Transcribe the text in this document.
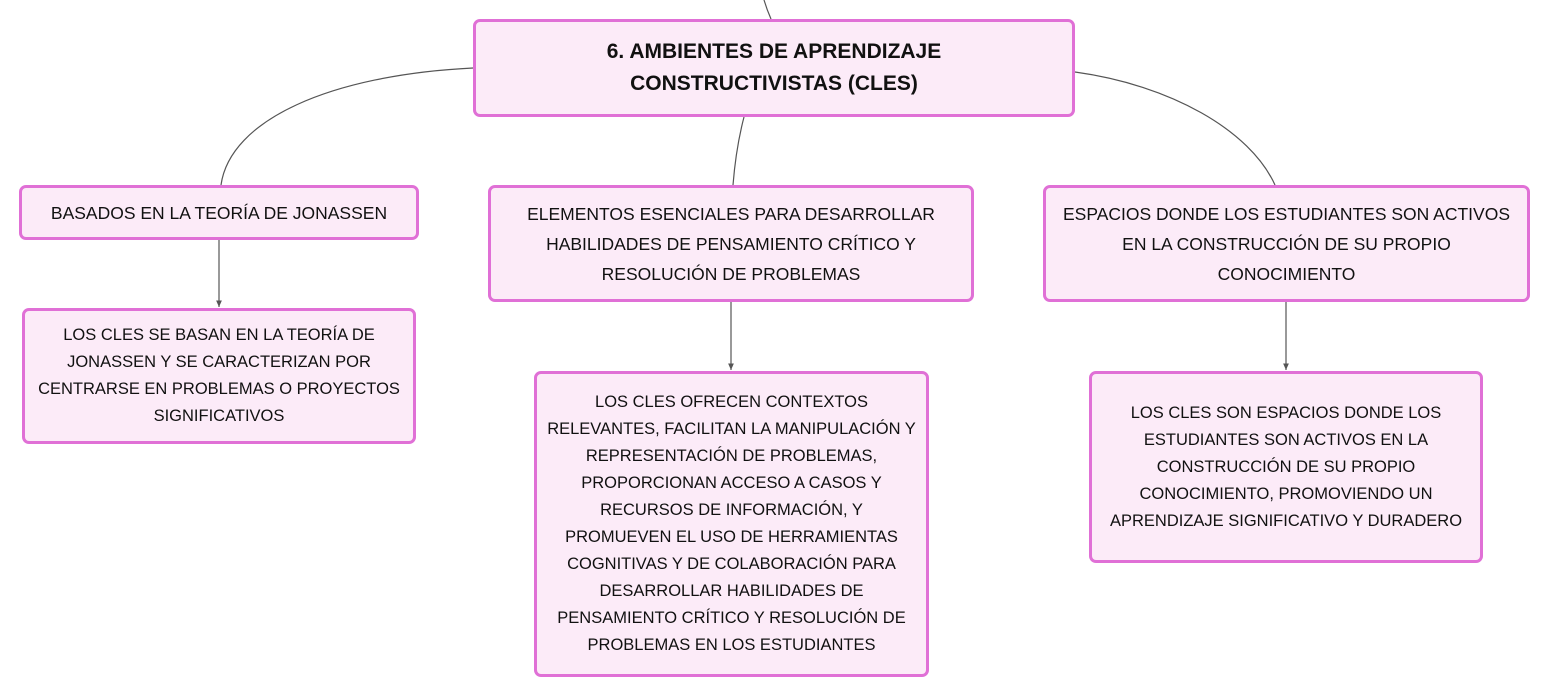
6. AMBIENTES DE APRENDIZAJE CONSTRUCTIVISTAS (CLES)
BASADOS EN LA TEORÍA DE JONASSEN	ELEMENTOS ESENCIALES PARA DESARROLLAR HABILIDADES DE PENSAMIENTO CRÍTICO Y RESOLUCIÓN DE PROBLEMAS
ESPACIOS DONDE LOS ESTUDIANTES SON ACTIVOS EN LA CONSTRUCCIÓN DE SU PROPIO CONOCIMIENTO
LOS CLES SE BASAN EN LA TEORÍA DE JONASSEN Y SE CARACTERIZAN POR CENTRARSE EN PROBLEMAS O PROYECTOS SIGNIFICATIVOS
LOS CLES OFRECEN CONTEXTOS RELEVANTES, FACILITAN LA MANIPULACIÓN Y REPRESENTACIÓN DE PROBLEMAS, PROPORCIONAN ACCESO A CASOS Y RECURSOS DE INFORMACIÓN, Y PROMUEVEN EL USO DE HERRAMIENTAS COGNITIVAS Y DE COLABORACIÓN PARA DESARROLLAR HABILIDADES DE PENSAMIENTO CRÍTICO Y RESOLUCIÓN DE PROBLEMAS EN LOS ESTUDIANTES
LOS CLES SON ESPACIOS DONDE LOS ESTUDIANTES SON ACTIVOS EN LA CONSTRUCCIÓN DE SU PROPIO CONOCIMIENTO, PROMOVIENDO UN APRENDIZAJE SIGNIFICATIVO Y DURADERO
